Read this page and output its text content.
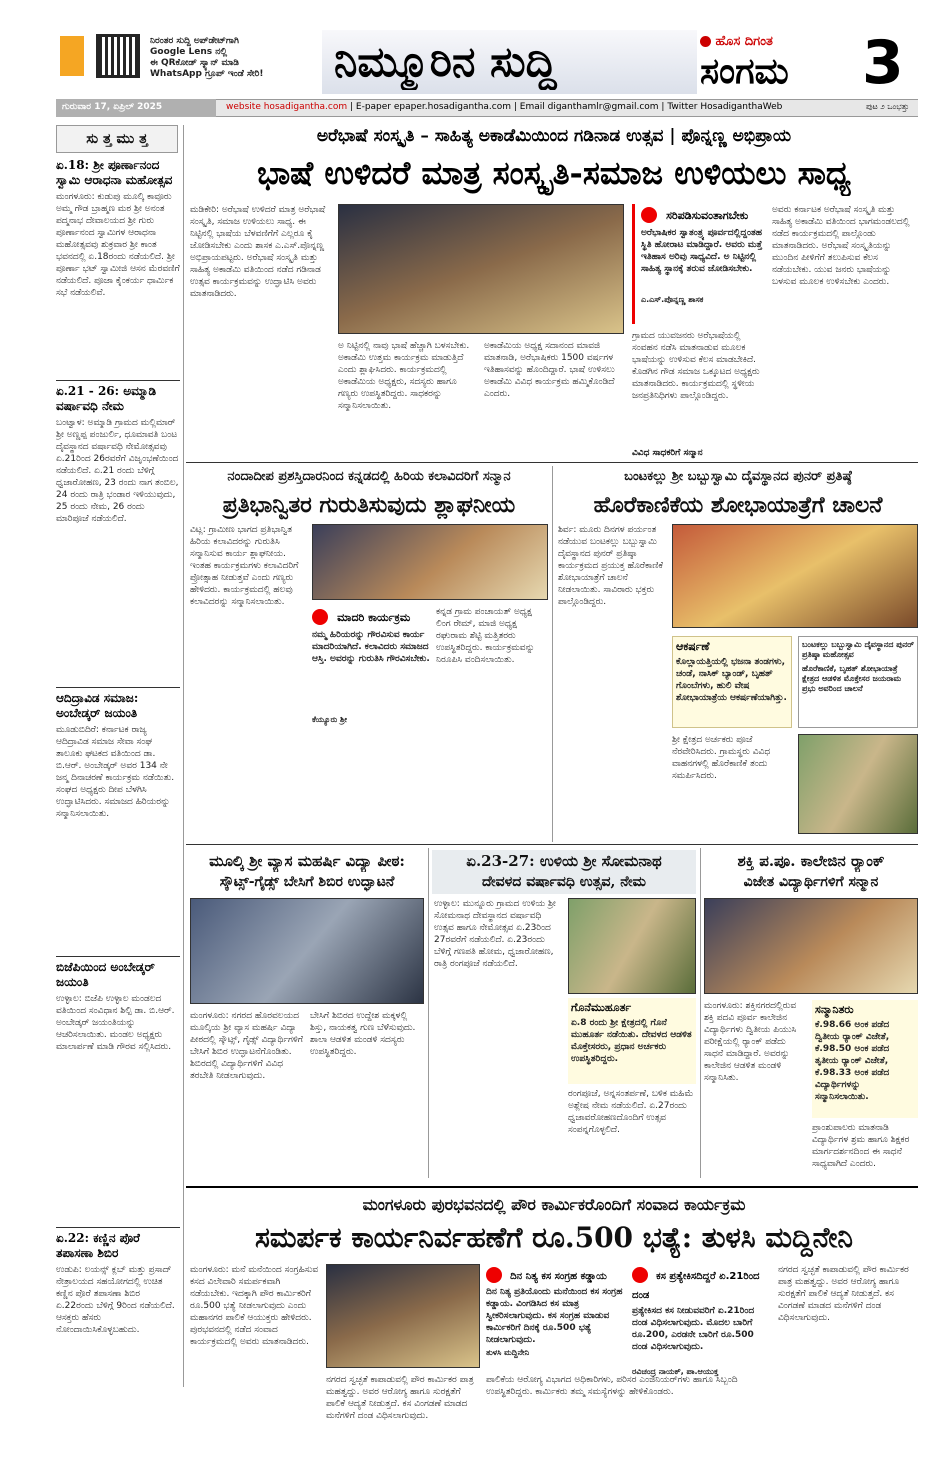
ನಿರಂತರ ಸುದ್ದಿ ಅಪ್‌ಡೇಟ್‌ಗಾಗಿ
Google Lens ನಲ್ಲಿ
ಈ QRಕೋಡ್ ಸ್ಕ್ಯಾನ್ ಮಾಡಿ
WhatsApp ಗ್ರೂಪ್ ಇಂಡೆ ಸೇರಿ!	ನಿಮ್ಮೂರಿನ ಸುದ್ದಿ	ಹೊಸ ದಿಗಂತ
ಸಂಗಮ	3
ಗುರುವಾರ 17, ಏಪ್ರಿಲ್ 2025	website hosadigantha.com | E-paper epaper.hosadigantha.com | Email diganthamlr@gmail.com | Twitter HosadiganthaWeb	ಪುಟ ೨ ಒಂಭತ್ತು
ಸು ತ್ತ ಮು ತ್ತ
ಏ.18: ಶ್ರೀ ಪೂರ್ಣಾನಂದ ಸ್ವಾಮಿ ಆರಾಧನಾ ಮಹೋತ್ಸವ
ಮಂಗಳೂರು: ಕುಡುಪು ಮೂಲ್ಕಿ ಕಾವೂರು ಅಮ್ಮ ಗೌಡ ಬ್ರಾಹ್ಮಣ ಮಠ ಶ್ರೀ ಅನಂತ ಪದ್ಮನಾಭ ದೇವಾಲಯದ ಶ್ರೀ ಗುರು ಪೂರ್ಣಾನಂದ ಸ್ವಾಮಿಗಳ ಆರಾಧನಾ ಮಹೋತ್ಸವವು ಶುಕ್ರವಾರ ಶ್ರೀ ಕಾಂತ ಭವನದಲ್ಲಿ ಏ.18ರಂದು ನಡೆಯಲಿದೆ. ಶ್ರೀ ಪೂರ್ಣಾ ಭಟ್ ಸ್ವಾಮೀಜಿ ಆಸನ ಮೆರವಣಿಗೆ ನಡೆಯಲಿದೆ. ಪೂಜಾ ಕೈಂಕರ್ಯ ಧಾರ್ಮಿಕ ಸಭೆ ನಡೆಯಲಿವೆ.
ಏ.21 - 26: ಅಮ್ಮಾಡಿ ವರ್ಷಾವಧಿ ನೇಮ
ಬಂಟ್ವಾಳ: ಅಮ್ಮಾಡಿ ಗ್ರಾಮದ ಮಲ್ಲಿಮಾರ್ ಶ್ರೀ ಅಣ್ಣಪ್ಪ ಪಂಜುರ್ಲಿ, ಧೂಮಾವತಿ ಬಂಟ ದೈವಸ್ಥಾನದ ವರ್ಷಾವಧಿ ನೇಮೋತ್ಸವವು ಏ.21ರಿಂದ 26ರವರೆಗೆ ವಿಜೃಂಭಣೆಯಿಂದ ನಡೆಯಲಿದೆ. ಏ.21 ರಂದು ಬೆಳಿಗ್ಗೆ ಧ್ವಜಾರೋಹಣ, 23 ರಂದು ನಾಗ ತಂಬಿಲ, 24 ರಂದು ರಾತ್ರಿ ಭಂಡಾರ ಇಳಿಯುವುದು, 25 ರಂದು ನೇಮ, 26 ರಂದು ಮಾರಿಪೂಜೆ ನಡೆಯಲಿದೆ.
ಆದಿದ್ರಾವಿಡ ಸಮಾಜ: ಅಂಬೇಡ್ಕರ್ ಜಯಂತಿ
ಮೂಡುಬಿದಿರೆ: ಕರ್ನಾಟಕ ರಾಜ್ಯ ಆದಿದ್ರಾವಿಡ ಸಮಾಜ ಸೇವಾ ಸಂಘ ತಾಲೂಕು ಘಟಕದ ವತಿಯಿಂದ ಡಾ. ಬಿ.ಆರ್. ಅಂಬೇಡ್ಕರ್ ಅವರ 134 ನೇ ಜನ್ಮ ದಿನಾಚರಣೆ ಕಾರ್ಯಕ್ರಮ ನಡೆಯಿತು. ಸಂಘದ ಅಧ್ಯಕ್ಷರು ದೀಪ ಬೆಳಗಿಸಿ ಉದ್ಘಾಟಿಸಿದರು. ಸಮಾಜದ ಹಿರಿಯರನ್ನು ಸನ್ಮಾನಿಸಲಾಯಿತು.
ಬಿಜೆಪಿಯಿಂದ ಅಂಬೇಡ್ಕರ್ ಜಯಂತಿ
ಉಳ್ಳಾಲ: ಬಿಜೆಪಿ ಉಳ್ಳಾಲ ಮಂಡಲದ ವತಿಯಿಂದ ಸಂವಿಧಾನ ಶಿಲ್ಪಿ ಡಾ. ಬಿ.ಆರ್. ಅಂಬೇಡ್ಕರ್ ಜಯಂತಿಯನ್ನು ಆಚರಿಸಲಾಯಿತು. ಮಂಡಲ ಅಧ್ಯಕ್ಷರು ಮಾಲಾರ್ಪಣೆ ಮಾಡಿ ಗೌರವ ಸಲ್ಲಿಸಿದರು.
ಏ.22: ಕಣ್ಣಿನ ಪೊರೆ ತಪಾಸಣಾ ಶಿಬಿರ
ಉಡುಪಿ: ಲಯನ್ಸ್ ಕ್ಲಬ್ ಮತ್ತು ಪ್ರಸಾದ್ ನೇತ್ರಾಲಯದ ಸಹಯೋಗದಲ್ಲಿ ಉಚಿತ ಕಣ್ಣಿನ ಪೊರೆ ತಪಾಸಣಾ ಶಿಬಿರ ಏ.22ರಂದು ಬೆಳಿಗ್ಗೆ 9ರಿಂದ ನಡೆಯಲಿದೆ. ಆಸಕ್ತರು ಹೆಸರು ನೋಂದಾಯಿಸಿಕೊಳ್ಳಬಹುದು.
ಅರೆಭಾಷೆ ಸಂಸ್ಕೃತಿ – ಸಾಹಿತ್ಯ ಅಕಾಡೆಮಿಯಿಂದ ಗಡಿನಾಡ ಉತ್ಸವ | ಪೊನ್ನಣ್ಣ ಅಭಿಪ್ರಾಯ
ಭಾಷೆ ಉಳಿದರೆ ಮಾತ್ರ ಸಂಸ್ಕೃತಿ-ಸಮಾಜ ಉಳಿಯಲು ಸಾಧ್ಯ
ಮಡಿಕೇರಿ: ಅರೆಭಾಷೆ ಉಳಿದರೆ ಮಾತ್ರ ಅರೆಭಾಷೆ ಸಂಸ್ಕೃತಿ, ಸಮಾಜ ಉಳಿಯಲು ಸಾಧ್ಯ. ಈ ನಿಟ್ಟಿನಲ್ಲಿ ಭಾಷೆಯ ಬೆಳವಣಿಗೆಗೆ ಎಲ್ಲರೂ ಕೈ ಜೋಡಿಸಬೇಕು ಎಂದು ಶಾಸಕ ಎ.ಎಸ್.ಪೊನ್ನಣ್ಣ ಅಭಿಪ್ರಾಯಪಟ್ಟರು. ಅರೆಭಾಷೆ ಸಂಸ್ಕೃತಿ ಮತ್ತು ಸಾಹಿತ್ಯ ಅಕಾಡೆಮಿ ವತಿಯಿಂದ ನಡೆದ ಗಡಿನಾಡ ಉತ್ಸವ ಕಾರ್ಯಕ್ರಮವನ್ನು ಉದ್ಘಾಟಿಸಿ ಅವರು ಮಾತನಾಡಿದರು.
ಅ ನಿಟ್ಟಿನಲ್ಲಿ ನಾವು ಭಾಷೆ ಹೆಚ್ಚಾಗಿ ಬಳಸಬೇಕು. ಅಕಾಡೆಮಿ ಉತ್ತಮ ಕಾರ್ಯಕ್ರಮ ಮಾಡುತ್ತಿದೆ ಎಂದು ಶ್ಲಾಘಿಸಿದರು. ಕಾರ್ಯಕ್ರಮದಲ್ಲಿ ಅಕಾಡೆಮಿಯ ಅಧ್ಯಕ್ಷರು, ಸದಸ್ಯರು ಹಾಗೂ ಗಣ್ಯರು ಉಪಸ್ಥಿತರಿದ್ದರು. ಸಾಧಕರನ್ನು ಸನ್ಮಾನಿಸಲಾಯಿತು.
ಅಕಾಡೆಮಿಯ ಅಧ್ಯಕ್ಷ ಸದಾನಂದ ಮಾವಜಿ ಮಾತನಾಡಿ, ಅರೆಭಾಷಿಕರು 1500 ವರ್ಷಗಳ ಇತಿಹಾಸವನ್ನು ಹೊಂದಿದ್ದಾರೆ. ಭಾಷೆ ಉಳಿಸಲು ಅಕಾಡೆಮಿ ವಿವಿಧ ಕಾರ್ಯಕ್ರಮ ಹಮ್ಮಿಕೊಂಡಿದೆ ಎಂದರು.
ಸರಿಪಡಿಸುವಂತಾಗಬೇಕು
ಅರೆಭಾಷಿಕರ ಸ್ವಾತಂತ್ರ್ಯ ಪೂರ್ವದಲ್ಲಿದ್ದಂತಹ ಸ್ಥಿತಿ ಹೋರಾಟ ಮಾಡಿದ್ದಾರೆ. ಅವರು ಮತ್ತೆ ಇತಿಹಾಸ ಅರಿವು ಸಾಧ್ಯವಿದೆ. ಅ ನಿಟ್ಟಿನಲ್ಲಿ ಸಾಹಿತ್ಯ ಸ್ಥಾನಕ್ಕೆ ತರುವ ಜೋಡಿಸಬೇಕು.
ಎ.ಎಸ್.ಪೊನ್ನಣ್ಣ ಶಾಸಕ
ಗ್ರಾಮದ ಯುವಜನರು ಅರೆಭಾಷೆಯಲ್ಲಿ ಸಂವಹನ ನಡೆಸಿ ಮಾತನಾಡುವ ಮೂಲಕ ಭಾಷೆಯನ್ನು ಉಳಿಸುವ ಕೆಲಸ ಮಾಡಬೇಕಿದೆ. ಕೊಡಗಿನ ಗೌಡ ಸಮಾಜ ಒಕ್ಕೂಟದ ಅಧ್ಯಕ್ಷರು ಮಾತನಾಡಿದರು. ಕಾರ್ಯಕ್ರಮದಲ್ಲಿ ಸ್ಥಳೀಯ ಜನಪ್ರತಿನಿಧಿಗಳು ಪಾಲ್ಗೊಂಡಿದ್ದರು.
ಅವರು ಕರ್ನಾಟಕ ಅರೆಭಾಷೆ ಸಂಸ್ಕೃತಿ ಮತ್ತು ಸಾಹಿತ್ಯ ಅಕಾಡೆಮಿ ವತಿಯಿಂದ ಭಾಗಮಂಡಲದಲ್ಲಿ ನಡೆದ ಕಾರ್ಯಕ್ರಮದಲ್ಲಿ ಪಾಲ್ಗೊಂಡು ಮಾತನಾಡಿದರು. ಅರೆಭಾಷೆ ಸಂಸ್ಕೃತಿಯನ್ನು ಮುಂದಿನ ಪೀಳಿಗೆಗೆ ತಲುಪಿಸುವ ಕೆಲಸ ನಡೆಯಬೇಕು. ಯುವ ಜನರು ಭಾಷೆಯನ್ನು ಬಳಸುವ ಮೂಲಕ ಉಳಿಸಬೇಕು ಎಂದರು.
ವಿವಿಧ ಸಾಧಕರಿಗೆ ಸನ್ಮಾನ
ನಂದಾದೀಪ ಪ್ರಶಸ್ತಿದಾರನಿಂದ ಕನ್ನಡದಲ್ಲಿ ಹಿರಿಯ ಕಲಾವಿದರಿಗೆ ಸನ್ಮಾನ
ಪ್ರತಿಭಾನ್ವಿತರ ಗುರುತಿಸುವುದು ಶ್ಲಾಘನೀಯ
ವಿಟ್ಲ: ಗ್ರಾಮೀಣ ಭಾಗದ ಪ್ರತಿಭಾನ್ವಿತ ಹಿರಿಯ ಕಲಾವಿದರನ್ನು ಗುರುತಿಸಿ ಸನ್ಮಾನಿಸುವ ಕಾರ್ಯ ಶ್ಲಾಘನೀಯ. ಇಂತಹ ಕಾರ್ಯಕ್ರಮಗಳು ಕಲಾವಿದರಿಗೆ ಪ್ರೋತ್ಸಾಹ ನೀಡುತ್ತವೆ ಎಂದು ಗಣ್ಯರು ಹೇಳಿದರು. ಕಾರ್ಯಕ್ರಮದಲ್ಲಿ ಹಲವು ಕಲಾವಿದರನ್ನು ಸನ್ಮಾನಿಸಲಾಯಿತು.
ಮಾದರಿ ಕಾರ್ಯಕ್ರಮ
ನಮ್ಮ ಹಿರಿಯರನ್ನು ಗೌರವಿಸುವ ಕಾರ್ಯ ಮಾದರಿಯಾಗಿದೆ. ಕಲಾವಿದರು ಸಮಾಜದ ಆಸ್ತಿ. ಅವರನ್ನು ಗುರುತಿಸಿ ಗೌರವಿಸಬೇಕು.
ಕೆಯ್ಯೂರು ಶ್ರೀ
ಕನ್ನಡ ಗ್ರಾಮ ಪಂಚಾಯತ್ ಅಧ್ಯಕ್ಷ ಲಿಂಗ ರೇಮ್, ಮಾಜಿ ಅಧ್ಯಕ್ಷ ರಘುರಾಮ ಶೆಟ್ಟಿ ಮತ್ತಿತರರು ಉಪಸ್ಥಿತರಿದ್ದರು. ಕಾರ್ಯಕ್ರಮವನ್ನು ನಿರೂಪಿಸಿ ವಂದಿಸಲಾಯಿತು.
ಬಂಟಕಲ್ಲು ಶ್ರೀ ಬಬ್ಬುಸ್ವಾಮಿ ದೈವಸ್ಥಾನದ ಪುನರ್ ಪ್ರತಿಷ್ಠೆ
ಹೊರೆಕಾಣಿಕೆಯ ಶೋಭಾಯಾತ್ರೆಗೆ ಚಾಲನೆ
ಶಿರ್ವ: ಮೂರು ದಿನಗಳ ಪರ್ಯಂತ ನಡೆಯುವ ಬಂಟಕಲ್ಲು ಬಬ್ಬುಸ್ವಾಮಿ ದೈವಸ್ಥಾನದ ಪುನರ್ ಪ್ರತಿಷ್ಠಾ ಕಾರ್ಯಕ್ರಮದ ಪ್ರಯುಕ್ತ ಹೊರೆಕಾಣಿಕೆ ಶೋಭಾಯಾತ್ರೆಗೆ ಚಾಲನೆ ನೀಡಲಾಯಿತು. ಸಾವಿರಾರು ಭಕ್ತರು ಪಾಲ್ಗೊಂಡಿದ್ದರು.
ಆಕರ್ಷಣೆ
ಕೊಲ್ಲಾಯತ್ತಿಯಲ್ಲಿ ಭಜನಾ ತಂಡಗಳು, ಚಂಡೆ, ನಾಸಿಕ್ ಬ್ಯಾಂಡ್, ಬೃಹತ್ ಗೊಂಬೆಗಳು, ಹುಲಿ ವೇಷ ಶೋಭಾಯಾತ್ರೆಯ ಆಕರ್ಷಣೆಯಾಗಿತ್ತು.
ಬಂಟಕಲ್ಲು ಬಬ್ಬುಸ್ವಾಮಿ ದೈವಸ್ಥಾನದ ಪುನರ್ ಪ್ರತಿಷ್ಠಾ ಮಹೋತ್ಸವ
ಹೊರೆಕಾಣಿಕೆ, ಬೃಹತ್ ಶೋಭಾಯಾತ್ರೆ ಕ್ಷೇತ್ರದ ಆಡಳಿತ ಮೊಕ್ತೇಸರ ಜಯರಾಮ ಪ್ರಭು ಅವರಿಂದ ಚಾಲನೆ
ಶ್ರೀ ಕ್ಷೇತ್ರದ ಅರ್ಚಕರು ಪೂಜೆ ನೆರವೇರಿಸಿದರು. ಗ್ರಾಮಸ್ಥರು ವಿವಿಧ ವಾಹನಗಳಲ್ಲಿ ಹೊರೆಕಾಣಿಕೆ ತಂದು ಸಮರ್ಪಿಸಿದರು.
ಮೂಲ್ಕಿ ಶ್ರೀ ವ್ಯಾಸ ಮಹರ್ಷಿ ವಿದ್ಯಾ ಪೀಠ:
ಸ್ಕೌಟ್ಸ್-ಗೈಡ್ಸ್ ಬೇಸಿಗೆ ಶಿಬಿರ ಉದ್ಘಾಟನೆ
ಮಂಗಳೂರು: ನಗರದ ಹೊರವಲಯದ ಮೂಲ್ಕಿಯ ಶ್ರೀ ವ್ಯಾಸ ಮಹರ್ಷಿ ವಿದ್ಯಾ ಪೀಠದಲ್ಲಿ ಸ್ಕೌಟ್ಸ್, ಗೈಡ್ಸ್ ವಿದ್ಯಾರ್ಥಿಗಳಿಗೆ ಬೇಸಿಗೆ ಶಿಬಿರ ಉದ್ಘಾಟನೆಗೊಂಡಿತು. ಶಿಬಿರದಲ್ಲಿ ವಿದ್ಯಾರ್ಥಿಗಳಿಗೆ ವಿವಿಧ ತರಬೇತಿ ನೀಡಲಾಗುವುದು.
ಬೇಸಿಗೆ ಶಿಬಿರದ ಉದ್ದೇಶ ಮಕ್ಕಳಲ್ಲಿ ಶಿಸ್ತು, ನಾಯಕತ್ವ ಗುಣ ಬೆಳೆಸುವುದು. ಶಾಲಾ ಆಡಳಿತ ಮಂಡಳಿ ಸದಸ್ಯರು ಉಪಸ್ಥಿತರಿದ್ದರು.
ಏ.23-27: ಉಳಿಯ ಶ್ರೀ ಸೋಮನಾಥ
ದೇವಳದ ವರ್ಷಾವಧಿ ಉತ್ಸವ, ನೇಮ
ಉಳ್ಳಾಲ: ಮುನ್ನೂರು ಗ್ರಾಮದ ಉಳಿಯ ಶ್ರೀ ಸೋಮನಾಥ ದೇವಸ್ಥಾನದ ವರ್ಷಾವಧಿ ಉತ್ಸವ ಹಾಗೂ ನೇಮೋತ್ಸವ ಏ.23ರಿಂದ 27ರವರೆಗೆ ನಡೆಯಲಿದೆ. ಏ.23ರಂದು ಬೆಳಿಗ್ಗೆ ಗಣಪತಿ ಹೋಮ, ಧ್ವಜಾರೋಹಣ, ರಾತ್ರಿ ರಂಗಪೂಜೆ ನಡೆಯಲಿದೆ.
ಗೊನೆಮುಹೂರ್ತ
ಏ.8 ರಂದು ಶ್ರೀ ಕ್ಷೇತ್ರದಲ್ಲಿ ಗೊನೆ ಮುಹೂರ್ತ ನಡೆಯಿತು. ದೇವಳದ ಆಡಳಿತ ಮೊಕ್ತೇಸರರು, ಪ್ರಧಾನ ಅರ್ಚಕರು ಉಪಸ್ಥಿತರಿದ್ದರು.
ರಂಗಪೂಜೆ, ಅನ್ನಸಂತರ್ಪಣೆ, ಬಳಿಕ ಮಹಿಮೆ ಅಶ್ಲೇಷ ನೇಮ ನಡೆಯಲಿದೆ. ಏ.27ರಂದು ಧ್ವಜಾವರೋಹಣದೊಂದಿಗೆ ಉತ್ಸವ ಸಂಪನ್ನಗೊಳ್ಳಲಿದೆ.
ಶಕ್ತಿ ಪ.ಪೂ. ಕಾಲೇಜಿನ ರ್‍ಯಾಂಕ್
ವಿಜೇತ ವಿದ್ಯಾರ್ಥಿಗಳಿಗೆ ಸನ್ಮಾನ
ಮಂಗಳೂರು: ಶಕ್ತಿನಗರದಲ್ಲಿರುವ ಶಕ್ತಿ ಪದವಿ ಪೂರ್ವ ಕಾಲೇಜಿನ ವಿದ್ಯಾರ್ಥಿಗಳು ದ್ವಿತೀಯ ಪಿಯುಸಿ ಪರೀಕ್ಷೆಯಲ್ಲಿ ರ್‍ಯಾಂಕ್ ಪಡೆದು ಸಾಧನೆ ಮಾಡಿದ್ದಾರೆ. ಅವರನ್ನು ಕಾಲೇಜಿನ ಆಡಳಿತ ಮಂಡಳಿ ಸನ್ಮಾನಿಸಿತು.
ಸನ್ಮಾನಿತರು
ಕೆ.98.66 ಅಂಕ ಪಡೆದ ದ್ವಿತೀಯ ರ್‍ಯಾಂಕ್ ವಿಜೇತೆ, ಕೆ.98.50 ಅಂಕ ಪಡೆದ ತೃತೀಯ ರ್‍ಯಾಂಕ್ ವಿಜೇತೆ, ಕೆ.98.33 ಅಂಕ ಪಡೆದ ವಿದ್ಯಾರ್ಥಿಗಳನ್ನು ಸನ್ಮಾನಿಸಲಾಯಿತು.
ಪ್ರಾಂಶುಪಾಲರು ಮಾತನಾಡಿ ವಿದ್ಯಾರ್ಥಿಗಳ ಶ್ರಮ ಹಾಗೂ ಶಿಕ್ಷಕರ ಮಾರ್ಗದರ್ಶನದಿಂದ ಈ ಸಾಧನೆ ಸಾಧ್ಯವಾಗಿದೆ ಎಂದರು.
ಮಂಗಳೂರು ಪುರಭವನದಲ್ಲಿ ಪೌರ ಕಾರ್ಮಿಕರೊಂದಿಗೆ ಸಂವಾದ ಕಾರ್ಯಕ್ರಮ
ಸಮರ್ಪಕ ಕಾರ್ಯನಿರ್ವಹಣೆಗೆ ರೂ.500 ಭತ್ಯೆ: ತುಳಸಿ ಮದ್ದಿನೇನಿ
ಮಂಗಳೂರು: ಮನೆ ಮನೆಯಿಂದ ಸಂಗ್ರಹಿಸುವ ಕಸದ ವಿಲೇವಾರಿ ಸಮರ್ಪಕವಾಗಿ ನಡೆಯಬೇಕು. ಇದಕ್ಕಾಗಿ ಪೌರ ಕಾರ್ಮಿಕರಿಗೆ ರೂ.500 ಭತ್ಯೆ ನೀಡಲಾಗುವುದು ಎಂದು ಮಹಾನಗರ ಪಾಲಿಕೆ ಆಯುಕ್ತರು ಹೇಳಿದರು. ಪುರಭವನದಲ್ಲಿ ನಡೆದ ಸಂವಾದ ಕಾರ್ಯಕ್ರಮದಲ್ಲಿ ಅವರು ಮಾತನಾಡಿದರು.
ನಗರದ ಸ್ವಚ್ಛತೆ ಕಾಪಾಡುವಲ್ಲಿ ಪೌರ ಕಾರ್ಮಿಕರ ಪಾತ್ರ ಮಹತ್ವದ್ದು. ಅವರ ಆರೋಗ್ಯ ಹಾಗೂ ಸುರಕ್ಷತೆಗೆ ಪಾಲಿಕೆ ಆದ್ಯತೆ ನೀಡುತ್ತದೆ. ಕಸ ವಿಂಗಡಣೆ ಮಾಡದ ಮನೆಗಳಿಗೆ ದಂಡ ವಿಧಿಸಲಾಗುವುದು.
ದಿನ ನಿತ್ಯ ಕಸ ಸಂಗ್ರಹ ಕಡ್ಡಾಯ
ದಿನ ನಿತ್ಯ ಪ್ರತಿಯೊಂದು ಮನೆಯಿಂದ ಕಸ ಸಂಗ್ರಹ ಕಡ್ಡಾಯ. ವಿಂಗಡಿಸಿದ ಕಸ ಮಾತ್ರ ಸ್ವೀಕರಿಸಲಾಗುವುದು. ಕಸ ಸಂಗ್ರಹ ಮಾಡುವ ಕಾರ್ಮಿಕರಿಗೆ ದಿನಕ್ಕೆ ರೂ.500 ಭತ್ಯೆ ನೀಡಲಾಗುವುದು.
ತುಳಸಿ ಮದ್ದಿನೇನಿ
ಕಸ ಪ್ರತ್ಯೇಕಿಸದಿದ್ದರೆ ಏ.21ರಿಂದ ದಂಡ
ಪ್ರತ್ಯೇಕಿಸದ ಕಸ ನೀಡುವವರಿಗೆ ಏ.21ರಿಂದ ದಂಡ ವಿಧಿಸಲಾಗುವುದು. ಮೊದಲ ಬಾರಿಗೆ ರೂ.200, ಎರಡನೇ ಬಾರಿಗೆ ರೂ.500 ದಂಡ ವಿಧಿಸಲಾಗುವುದು.
ರವಿಚಂದ್ರ ನಾಯಕ್, ಪಾ.ಆಯುಕ್ತ
ಪಾಲಿಕೆಯ ಆರೋಗ್ಯ ವಿಭಾಗದ ಅಧಿಕಾರಿಗಳು, ಪರಿಸರ ಎಂಜಿನಿಯರ್‌ಗಳು ಹಾಗೂ ಸಿಬ್ಬಂದಿ ಉಪಸ್ಥಿತರಿದ್ದರು. ಕಾರ್ಮಿಕರು ತಮ್ಮ ಸಮಸ್ಯೆಗಳನ್ನು ಹೇಳಿಕೊಂಡರು.
ನಗರದ ಸ್ವಚ್ಛತೆ ಕಾಪಾಡುವಲ್ಲಿ ಪೌರ ಕಾರ್ಮಿಕರ ಪಾತ್ರ ಮಹತ್ವದ್ದು. ಅವರ ಆರೋಗ್ಯ ಹಾಗೂ ಸುರಕ್ಷತೆಗೆ ಪಾಲಿಕೆ ಆದ್ಯತೆ ನೀಡುತ್ತದೆ. ಕಸ ವಿಂಗಡಣೆ ಮಾಡದ ಮನೆಗಳಿಗೆ ದಂಡ ವಿಧಿಸಲಾಗುವುದು.
